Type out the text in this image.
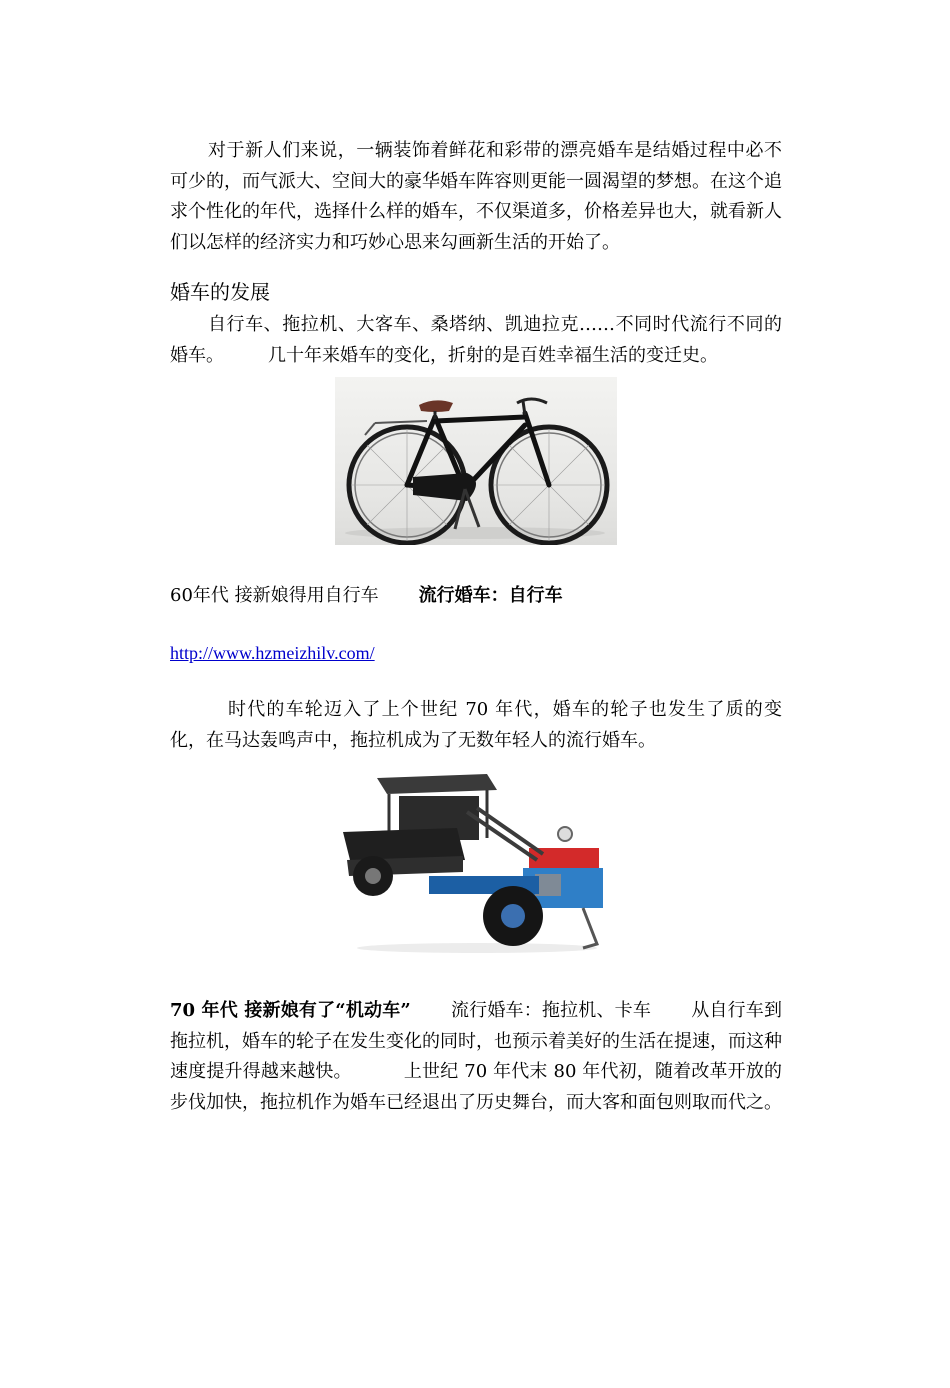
对于新人们来说，一辆装饰着鲜花和彩带的漂亮婚车是结婚过程中必不可少的，而气派大、空间大的豪华婚车阵容则更能一圆渴望的梦想。在这个追求个性化的年代，选择什么样的婚车，不仅渠道多，价格差异也大，就看新人们以怎样的经济实力和巧妙心思来勾画新生活的开始了。

婚车的发展

自行车、拖拉机、大客车、桑塔纳、凯迪拉克……不同时代流行不同的婚车。 几十年来婚车的变化，折射的是百姓幸福生活的变迁史。

60年代 接新娘得用自行车 流行婚车：自行车

http://www.hzmeizhilv.com/

时代的车轮迈入了上个世纪 70 年代，婚车的轮子也发生了质的变化，在马达轰鸣声中，拖拉机成为了无数年轻人的流行婚车。

70 年代 接新娘有了“机动车” 流行婚车：拖拉机、卡车 从自行车到拖拉机，婚车的轮子在发生变化的同时，也预示着美好的生活在提速，而这种速度提升得越来越快。	上世纪 70 年代末 80 年代初，随着改革开放的步伐加快，拖拉机作为婚车已经退出了历史舞台，而大客和面包则取而代之。
